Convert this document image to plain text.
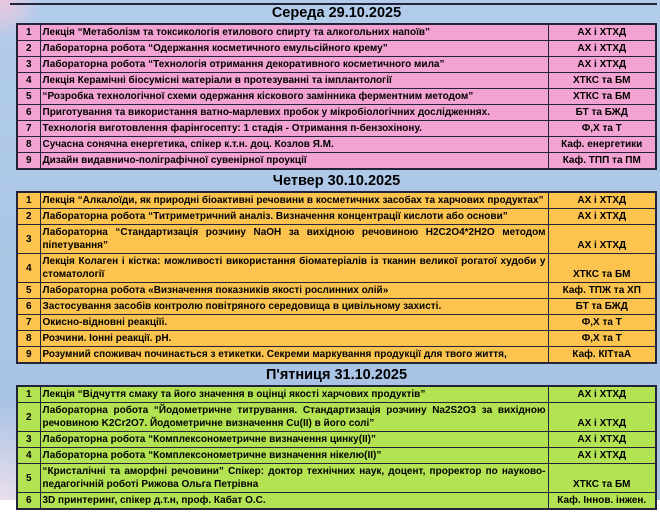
Середа 29.10.2025
1	Лекція “Метаболізм та токсикологія етилового спирту та алкогольних напоїв”	АХ і ХТХД
2	Лабораторна робота “Одержання косметичного емульсійного крему”	АХ і ХТХД
3	Лабораторна робота “Технологія отримання декоративного косметичного мила”	АХ і ХТХД
4	Лекція Керамічні біосумісні матеріали в протезуванні та імплантології	ХТКС та БМ
5	“Розробка технологічної схеми одержання кіскового замінника ферментним методом”	ХТКС та БМ
6	Приготування та використання ватно-марлевих пробок у мікробіологічних дослідженнях.	БТ та БЖД
7	Технологія виготовлення фарінгосепту: 1 стадія - Отримання п-бензохінону.	Ф,Х та Т
8	Сучасна сонячна енергетика, спікер к.т.н. доц. Козлов Я.М.	Каф. енергетики
9	Дизайн видавничо-поліграфічної сувенірної проукції	Каф. ТПП та ПМ
Четвер 30.10.2025
1	Лекція “Алкалоїди, як природні біоактивні речовини в косметичних засобах та харчових продуктах”	АХ і ХТХД
2	Лабораторна робота “Титриметричний аналіз. Визначення концентрації кислоти або основи”	АХ і ХТХД
3	Лабораторна “Стандартизація розчину NaOH за вихідною речовиною H2C2O4*2H2O методом піпетування”	АХ і ХТХД
4	Лекція Колаген і кістка: можливості використання біоматеріалів із тканин великої рогатої худоби у стоматології	ХТКС та БМ
5	Лабораторна робота «Визначення показників якості рослинних олій»	Каф. ТПЖ та ХП
6	Застосування засобів контролю повітряного середовища в цивільному захисті.	БТ та БЖД
7	Окисно-відновні реакціїі.	Ф,Х та Т
8	Розчини. Іонні реакції. рН.	Ф,Х та Т
9	Розумний споживач починається з етикетки. Секреми маркування продукції для твого життя,	Каф. КІТтаА
П'ятниця 31.10.2025
1	Лекція “Відчуття смаку та його значення в оцінці якості харчових продуктів”	АХ і ХТХД
2	Лабораторна робота “Йодометричне титрування. Стандартизація розчину Na2S2O3 за вихідною речовиною K2Cr2O7. Йодометричне визначення Cu(II) в його солі”	АХ і ХТХД
3	Лабораторна робота “Комплексонометричне визначення цинку(II)”	АХ і ХТХД
4	Лабораторна робота “Комплексонометричне визначення нікелю(II)”	АХ і ХТХД
5	“Кристалічні та аморфні речовини” Спікер: доктор технічних наук, доцент, проректор по науково-педагогічній роботі Рижова Ольга Петрівна	ХТКС та БМ
6	3D принтеринг, спікер д.т.н, проф. Кабат О.С.	Каф. Іннов. інжен.
